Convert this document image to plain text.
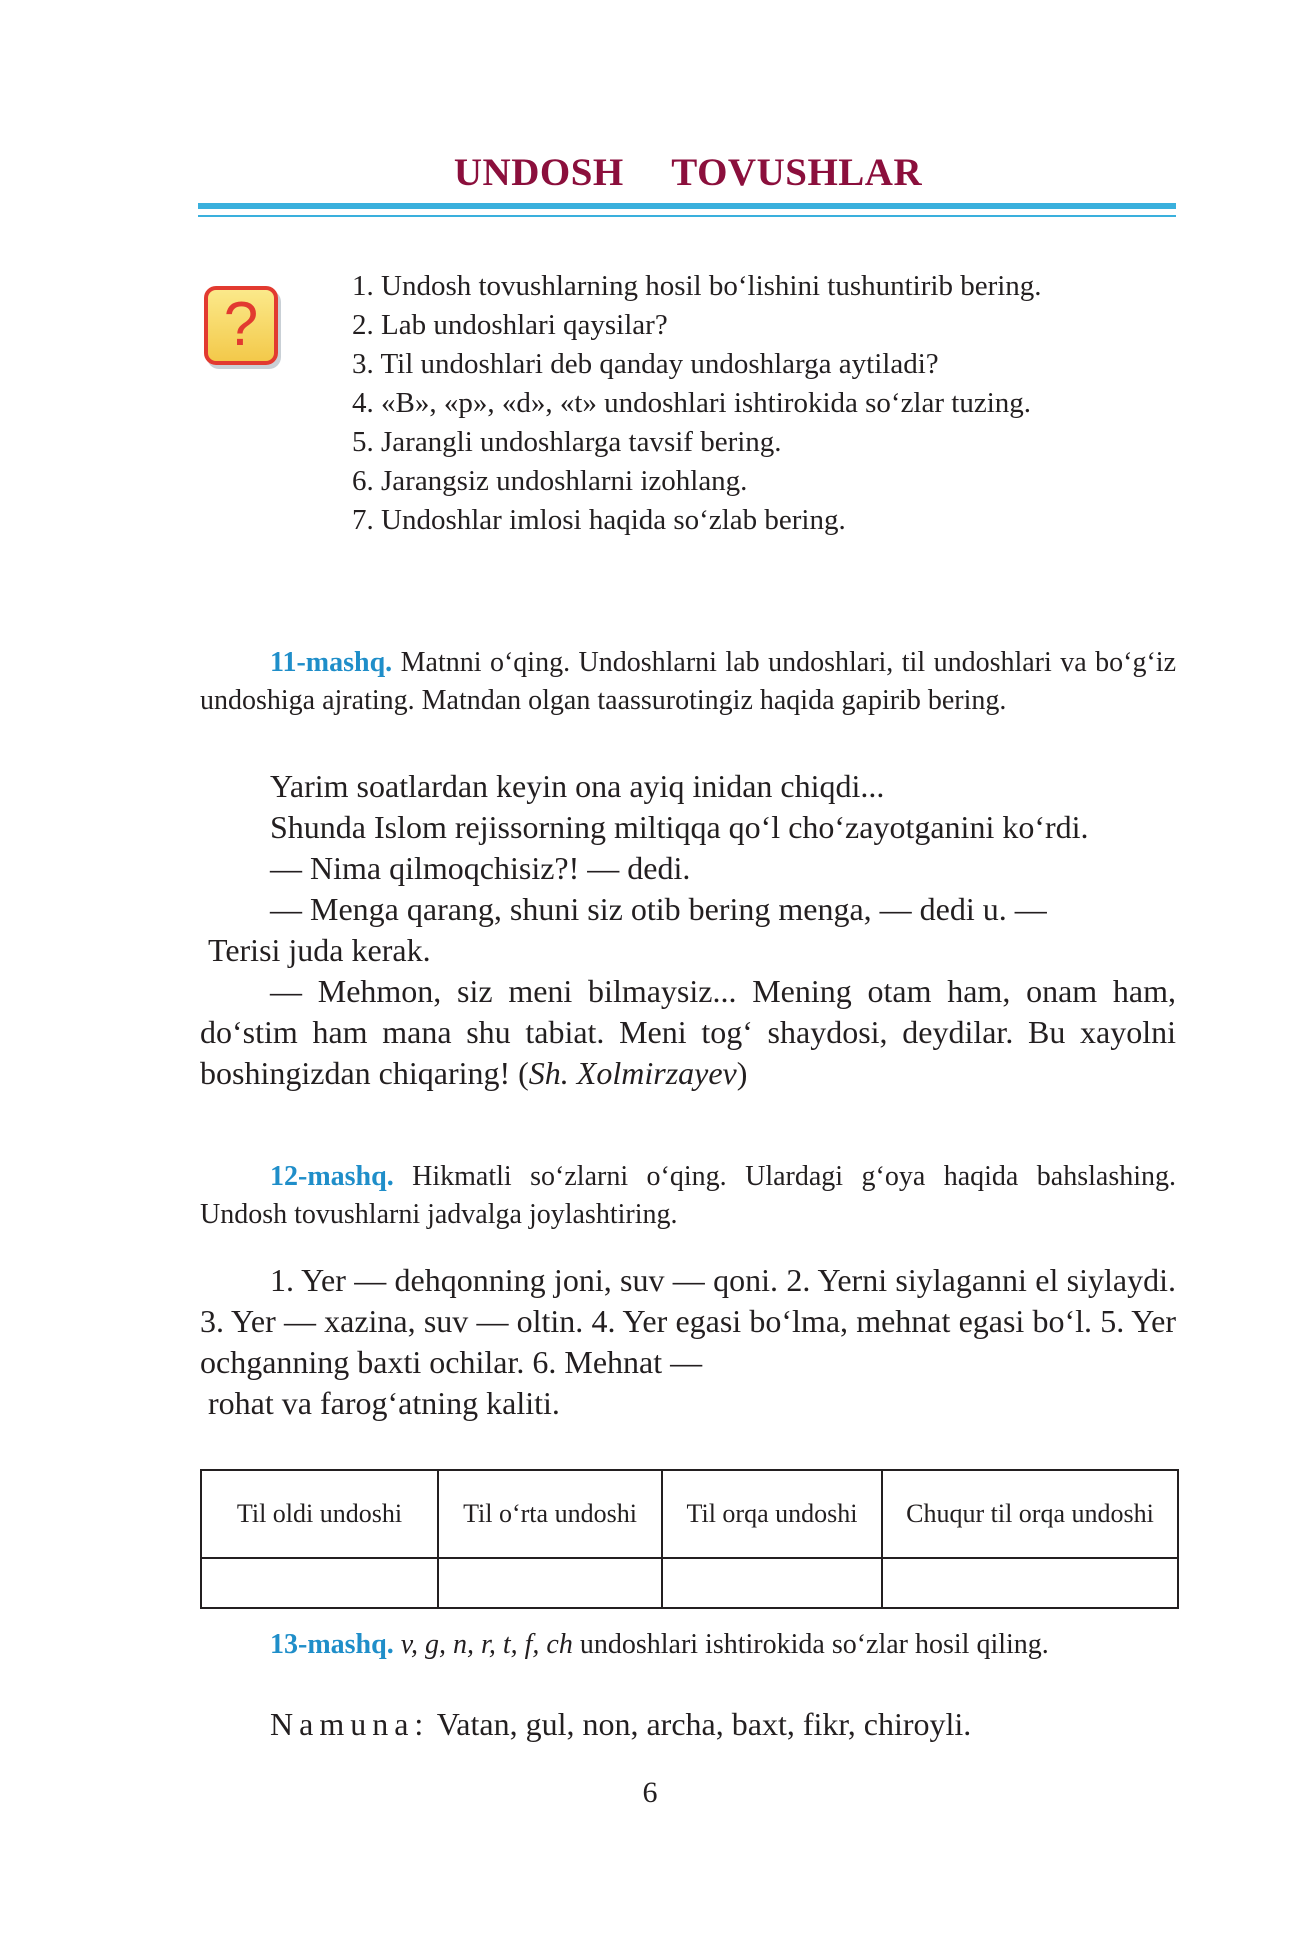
UNDOSH TOVUSHLAR
?
1. Undosh tovushlarning hosil bo‘lishini tushuntirib bering.
2. Lab undoshlari qaysilar?
3. Til undoshlari deb qanday undoshlarga aytiladi?
4. «B», «p», «d», «t» undoshlari ishtirokida so‘zlar tuzing.
5. Jarangli undoshlarga tavsif bering.
6. Jarangsiz undoshlarni izohlang.
7. Undoshlar imlosi haqida so‘zlab bering.

11-mashq. Matnni o‘qing. Undoshlarni lab undoshlari, til undoshlari va bo‘g‘iz undoshiga ajrating. Matndan olgan taassurotingiz haqida gapirib bering.

Yarim soatlardan keyin ona ayiq inidan chiqdi...

Shunda Islom rejissorning miltiqqa qo‘l cho‘zayotganini ko‘rdi.

— Nima qilmoqchisiz?! — dedi.

— Menga qarang, shuni siz otib bering menga, — dedi u. —

Terisi juda kerak.

— Mehmon, siz meni bilmaysiz... Mening otam ham, onam ham, do‘stim ham mana shu tabiat. Meni tog‘ shaydosi, deydilar. Bu xayolni boshingizdan chiqaring! (Sh. Xolmirzayev)

12-mashq. Hikmatli so‘zlarni o‘qing. Ulardagi g‘oya haqida bahslashing. Undosh tovushlarni jadvalga joylashtiring.

1. Yer — dehqonning joni, suv — qoni. 2. Yerni siylaganni el siylaydi. 3. Yer — xazina, suv — oltin. 4. Yer egasi bo‘lma, mehnat egasi bo‘l. 5. Yer ochganning baxti ochilar. 6. Mehnat —

rohat va farog‘atning kaliti.

Til oldi undoshi	Til o‘rta undoshi	Til orqa undoshi	Chuqur til orqa undoshi

13-mashq. v, g, n, r, t, f, ch undoshlari ishtirokida so‘zlar hosil qiling.

Namuna: Vatan, gul, non, archa, baxt, fikr, chiroyli.

6
